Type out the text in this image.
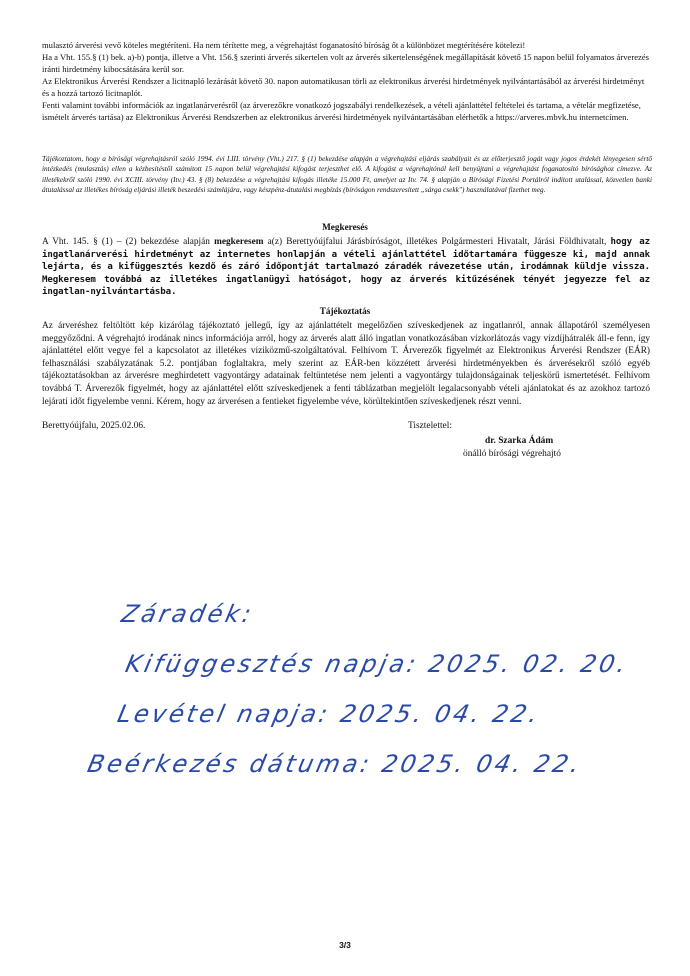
mulasztó árverési vevő köteles megtéríteni. Ha nem térítette meg, a végrehajtást foganatosító bíróság őt a különbözet megtérítésére kötelezi!

Ha a Vht. 155.§ (1) bek. a)-b) pontja, illetve a Vht. 156.§ szerinti árverés sikertelen volt az árverés sikertelenségének megállapítását követő 15 napon belül folyamatos árverezés iránti hirdetmény kibocsátására kerül sor.

Az Elektronikus Árverési Rendszer a licitnapló lezárását követő 30. napon automatikusan törli az elektronikus árverési hirdetmények nyilvántartásából az árverési hirdetményt és a hozzá tartozó licitnaplót.

Fenti valamint további információk az ingatlanárverésről (az árverezőkre vonatkozó jogszabályi rendelkezések, a vételi ajánlattétel feltételei és tartama, a vételár megfizetése, ismételt árverés tartása) az Elektronikus Árverési Rendszerben az elektronikus árverési hirdetmények nyilvántartásában elérhetők a https://arveres.mbvk.hu internetcímen.

Tájékoztatom, hogy a bírósági végrehajtásról szóló 1994. évi LIII. törvény (Vht.) 217. § (1) bekezdése alapján a végrehajtási eljárás szabályait és az előterjesztő jogát vagy jogos érdekét lényegesen sértő intézkedés (mulasztás) ellen a kézbesítéstől számított 15 napon belül végrehajtási kifogást terjeszthet elő. A kifogást a végrehajtónál kell benyújtani a végrehajtást foganatosító bírósághoz címezve. Az illetékekről szóló 1990. évi XCIII. törvény (Itv.) 43. § (8) bekezdése a végrehajtási kifogás illetéke 15.000 Ft, amelyet az Itv. 74. § alapján a Bírósági Fizetési Portálról indított utalással, közvetlen banki átutalással az illetékes bíróság eljárási illeték beszedési számlájára, vagy készpénz-átutalási megbízás (bíróságon rendszeresített „sárga csekk") használatával fizethet meg.

Megkeresés

A Vht. 145. § (1) – (2) bekezdése alapján megkeresem a(z) Berettyóújfalui Járásbíróságot, illetékes Polgármesteri Hivatalt, Járási Földhivatalt, hogy az ingatlanárverési hirdetményt az internetes honlapján a vételi ajánlattétel időtartamára függesze ki, majd annak lejárta, és a kifüggesztés kezdő és záró időpontját tartalmazó záradék rávezetése után, irodámnak küldje vissza. Megkeresem továbbá az illetékes ingatlanügyi hatóságot, hogy az árverés kitűzésének tényét jegyezze fel az ingatlan-nyilvántartásba.

Tájékoztatás

Az árveréshez feltöltött kép kizárólag tájékoztató jellegű, így az ajánlattételt megelőzően szíveskedjenek az ingatlanról, annak állapotáról személyesen meggyőződni. A végrehajtó irodának nincs információja arról, hogy az árverés alatt álló ingatlan vonatkozásában vízkorlátozás vagy vízdíjhátralék áll-e fenn, így ajánlattétel előtt vegye fel a kapcsolatot az illetékes víziközmű-szolgáltatóval. Felhívom T. Árverezők figyelmét az Elektronikus Árverési Rendszer (EÁR) felhasználási szabályzatának 5.2. pontjában foglaltakra, mely szerint az EÁR-ben közzétett árverési hirdetményekben és árverésekről szóló egyéb tájékoztatásokban az árverésre meghirdetett vagyontárgy adatainak feltüntetése nem jelenti a vagyontárgy tulajdonságainak teljeskörű ismertetését. Felhívom továbbá T. Árverezők figyelmét, hogy az ajánlattétel előtt szíveskedjenek a fenti táblázatban megjelölt legalacsonyabb vételi ajánlatokat és az azokhoz tartozó lejárati időt figyelembe venni. Kérem, hogy az árverésen a fentieket figyelembe véve, körültekintően szíveskedjenek részt venni.

Berettyóújfalu, 2025.02.06.	Tisztelettel:

dr. Szarka Ádám

önálló bírósági végrehajtó

Záradék:

Kifüggesztés napja: 2025. 02. 20.

Levétel napja: 2025. 04. 22.

Beérkezés dátuma: 2025. 04. 22.

3/3
